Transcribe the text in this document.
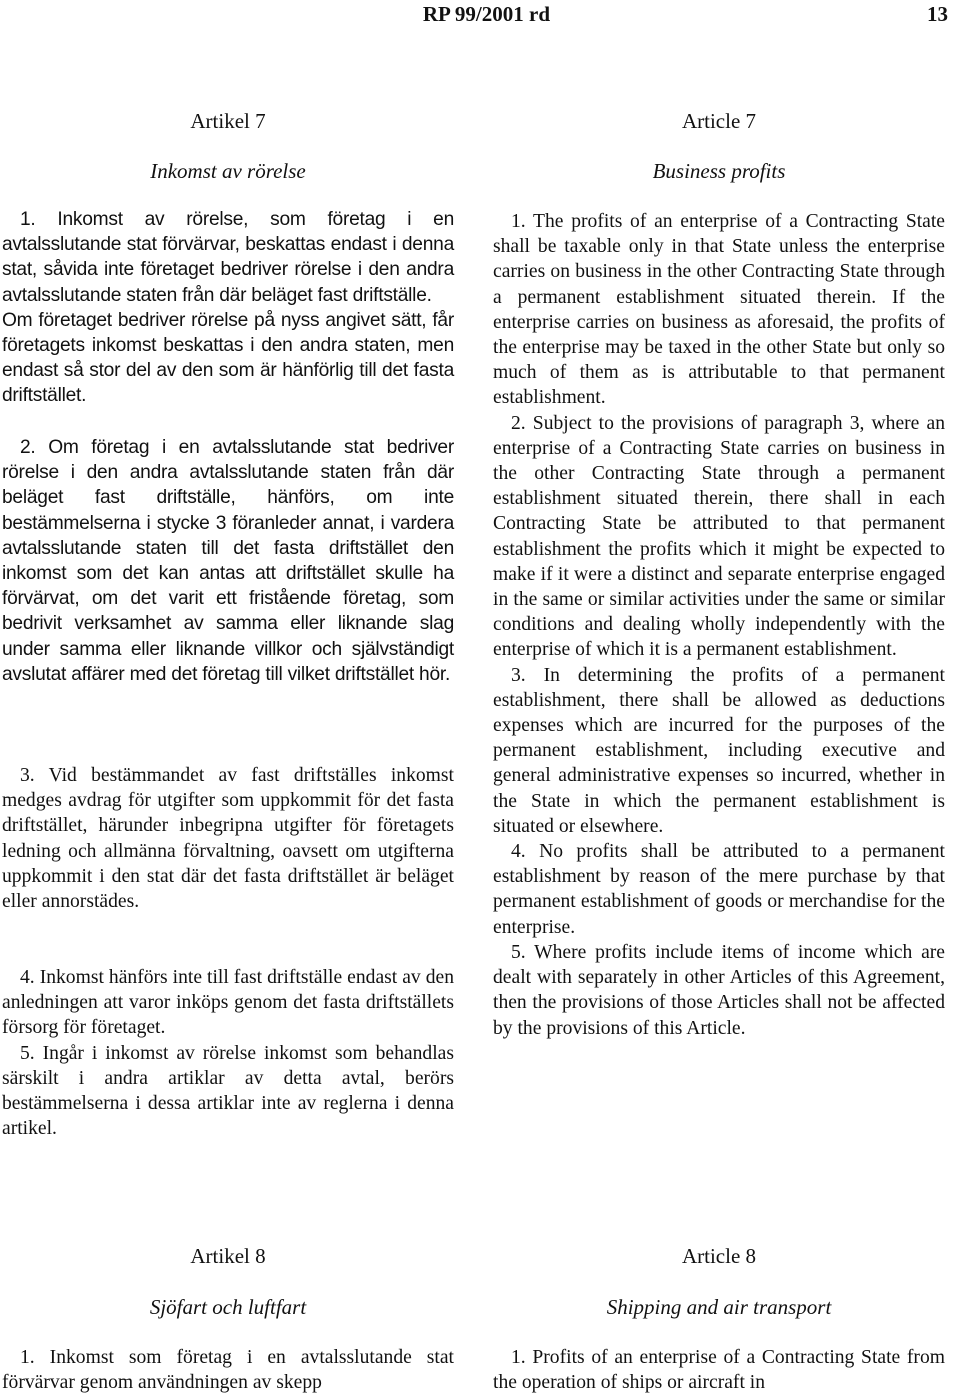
RP 99/2001 rd	13
Artikel 7
Inkomst av rörelse

1. Inkomst av rörelse, som företag i en avtalsslutande stat förvärvar, beskattas endast i denna stat, såvida inte företaget bedriver rörelse i den andra avtalsslutande staten från där beläget fast driftställe.

Om företaget bedriver rörelse på nyss angivet sätt, får företagets inkomst beskattas i den andra staten, men endast så stor del av den som är hänförlig till det fasta driftstället.

2. Om företag i en avtalsslutande stat bedriver rörelse i den andra avtalsslutande staten från där beläget fast driftställe, hänförs, om inte bestämmelserna i stycke 3 föranleder annat, i vardera avtalsslutande staten till det fasta driftstället den inkomst som det kan antas att driftstället skulle ha förvärvat, om det varit ett fristående företag, som bedrivit verksamhet av samma eller liknande slag under samma eller liknande villkor och självständigt avslutat affärer med det företag till vilket driftstället hör.

3. Vid bestämmandet av fast driftställes inkomst medges avdrag för utgifter som uppkommit för det fasta driftstället, härunder inbegripna utgifter för företagets ledning och allmänna förvaltning, oavsett om utgifterna uppkommit i den stat där det fasta driftstället är beläget eller annorstädes.

4. Inkomst hänförs inte till fast driftställe endast av den anledningen att varor inköps genom det fasta driftställets försorg för företaget.

5. Ingår i inkomst av rörelse inkomst som behandlas särskilt i andra artiklar av detta avtal, berörs bestämmelserna i dessa artiklar inte av reglerna i denna artikel.

Article 7
Business profits

1. The profits of an enterprise of a Contracting State shall be taxable only in that State unless the enterprise carries on business in the other Contracting State through a permanent establishment situated therein. If the enterprise carries on business as aforesaid, the profits of the enterprise may be taxed in the other State but only so much of them as is attributable to that permanent establishment.

2. Subject to the provisions of paragraph 3, where an enterprise of a Contracting State carries on business in the other Contracting State through a permanent establishment situated therein, there shall in each Contracting State be attributed to that permanent establishment the profits which it might be expected to make if it were a distinct and separate enterprise engaged in the same or similar activities under the same or similar conditions and dealing wholly independently with the enterprise of which it is a permanent establishment.

3. In determining the profits of a permanent establishment, there shall be allowed as deductions expenses which are incurred for the purposes of the permanent establishment, including executive and general administrative expenses so incurred, whether in the State in which the permanent establishment is situated or elsewhere.

4. No profits shall be attributed to a permanent establishment by reason of the mere purchase by that permanent establishment of goods or merchandise for the enterprise.

5. Where profits include items of income which are dealt with separately in other Articles of this Agreement, then the provisions of those Articles shall not be affected by the provisions of this Article.

Artikel 8
Sjöfart och luftfart

1. Inkomst som företag i en avtalsslutande stat förvärvar genom användningen av skepp

Article 8
Shipping and air transport

1. Profits of an enterprise of a Contracting State from the operation of ships or aircraft in
